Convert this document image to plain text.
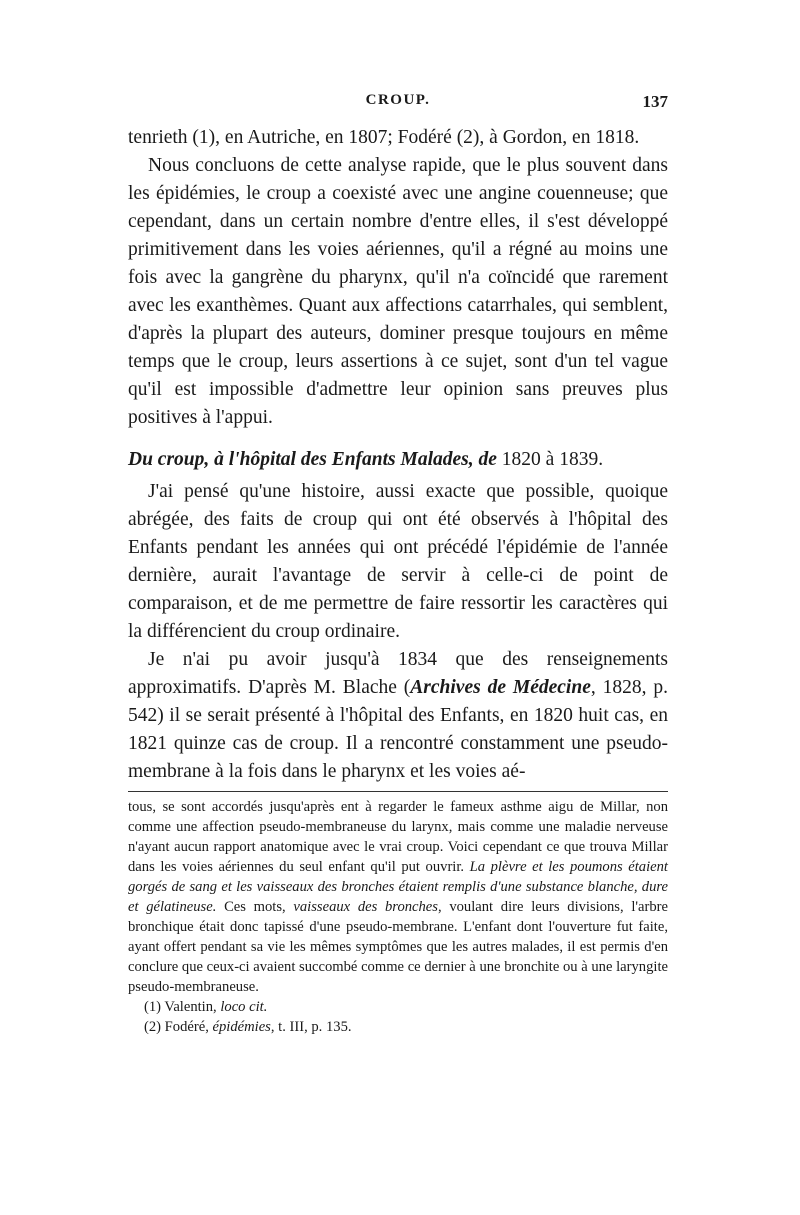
CROUP.	137

tenrieth (1), en Autriche, en 1807; Fodéré (2), à Gordon, en 1818.

Nous concluons de cette analyse rapide, que le plus souvent dans les épidémies, le croup a coexisté avec une angine couenneuse; que cependant, dans un certain nombre d'entre elles, il s'est développé primitivement dans les voies aériennes, qu'il a régné au moins une fois avec la gangrène du pharynx, qu'il n'a coïncidé que rarement avec les exanthèmes. Quant aux affections catarrhales, qui semblent, d'après la plupart des auteurs, dominer presque toujours en même temps que le croup, leurs assertions à ce sujet, sont d'un tel vague qu'il est impossible d'admettre leur opinion sans preuves plus positives à l'appui.

Du croup, à l'hôpital des Enfants Malades, de 1820 à 1839.

J'ai pensé qu'une histoire, aussi exacte que possible, quoique abrégée, des faits de croup qui ont été observés à l'hôpital des Enfants pendant les années qui ont précédé l'épidémie de l'année dernière, aurait l'avantage de servir à celle-ci de point de comparaison, et de me permettre de faire ressortir les caractères qui la différencient du croup ordinaire.

Je n'ai pu avoir jusqu'à 1834 que des renseignements approximatifs. D'après M. Blache (Archives de Médecine, 1828, p. 542) il se serait présenté à l'hôpital des Enfants, en 1820 huit cas, en 1821 quinze cas de croup. Il a rencontré constamment une pseudo-membrane à la fois dans le pharynx et les voies aé-

tous, se sont accordés jusqu'après ent à regarder le fameux asthme aigu de Millar, non comme une affection pseudo-membraneuse du larynx, mais comme une maladie nerveuse n'ayant aucun rapport anatomique avec le vrai croup. Voici cependant ce que trouva Millar dans les voies aériennes du seul enfant qu'il put ouvrir. La plèvre et les poumons étaient gorgés de sang et les vaisseaux des bronches étaient remplis d'une substance blanche, dure et gélatineuse. Ces mots, vaisseaux des bronches, voulant dire leurs divisions, l'arbre bronchique était donc tapissé d'une pseudo-membrane. L'enfant dont l'ouverture fut faite, ayant offert pendant sa vie les mêmes symptômes que les autres malades, il est permis d'en conclure que ceux-ci avaient succombé comme ce dernier à une bronchite ou à une laryngite pseudo-membraneuse.

(1) Valentin, loco cit.

(2) Fodéré, épidémies, t. III, p. 135.
